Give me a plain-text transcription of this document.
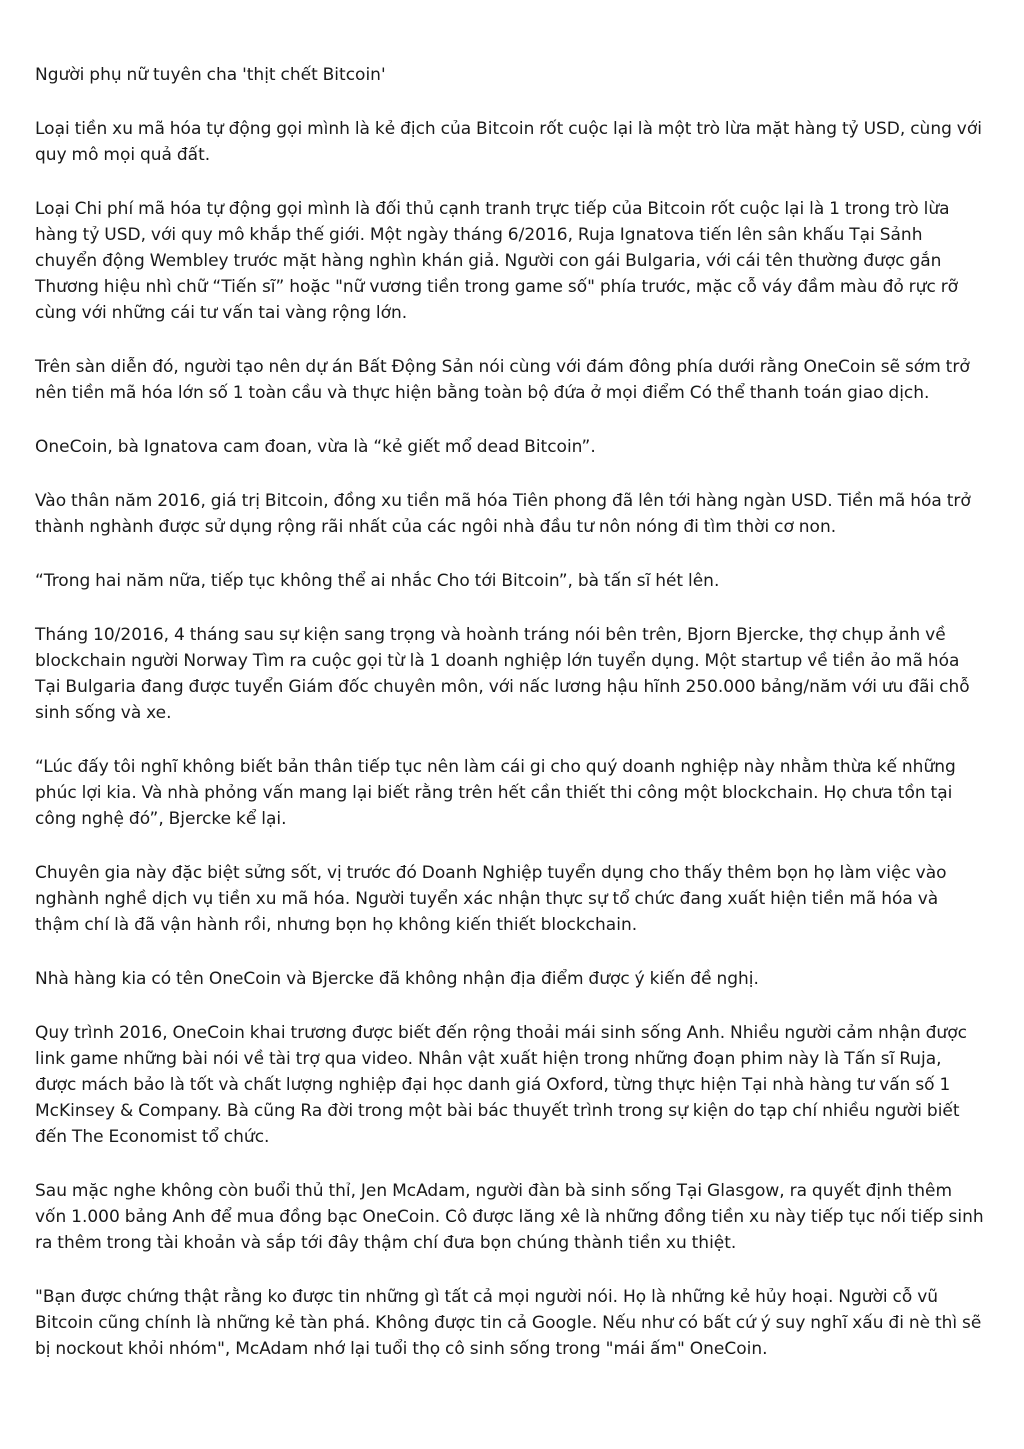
Người phụ nữ tuyên cha 'thịt chết Bitcoin'

Loại tiền xu mã hóa tự động gọi mình là kẻ địch của Bitcoin rốt cuộc lại là một trò lừa mặt hàng tỷ USD, cùng với quy mô mọi quả đất.

Loại Chi phí mã hóa tự động gọi mình là đối thủ cạnh tranh trực tiếp của Bitcoin rốt cuộc lại là 1 trong trò lừa hàng tỷ USD, với quy mô khắp thế giới. Một ngày tháng 6/2016, Ruja Ignatova tiến lên sân khấu Tại Sảnh chuyển động Wembley trước mặt hàng nghìn khán giả. Người con gái Bulgaria, với cái tên thường được gắn Thương hiệu nhì chữ “Tiến sĩ” hoặc "nữ vương tiền trong game số" phía trước, mặc cỗ váy đầm màu đỏ rực rỡ cùng với những cái tư vấn tai vàng rộng lớn.

Trên sàn diễn đó, người tạo nên dự án Bất Động Sản nói cùng với đám đông phía dưới rằng OneCoin sẽ sớm trở nên tiền mã hóa lớn số 1 toàn cầu và thực hiện bằng toàn bộ đứa ở mọi điểm Có thể thanh toán giao dịch.

OneCoin, bà Ignatova cam đoan, vừa là “kẻ giết mổ dead Bitcoin”.

Vào thân năm 2016, giá trị Bitcoin, đồng xu tiền mã hóa Tiên phong đã lên tới hàng ngàn USD. Tiền mã hóa trở thành nghành được sử dụng rộng rãi nhất của các ngôi nhà đầu tư nôn nóng đi tìm thời cơ non.

“Trong hai năm nữa, tiếp tục không thể ai nhắc Cho tới Bitcoin”, bà tấn sĩ hét lên.

Tháng 10/2016, 4 tháng sau sự kiện sang trọng và hoành tráng nói bên trên, Bjorn Bjercke, thợ chụp ảnh về blockchain người Norway Tìm ra cuộc gọi từ là 1 doanh nghiệp lớn tuyển dụng. Một startup về tiền ảo mã hóa Tại Bulgaria đang được tuyển Giám đốc chuyên môn, với nấc lương hậu hĩnh 250.000 bảng/năm với ưu đãi chỗ sinh sống và xe.

“Lúc đấy tôi nghĩ không biết bản thân tiếp tục nên làm cái gi cho quý doanh nghiệp này nhằm thừa kế những phúc lợi kia. Và nhà phỏng vấn mang lại biết rằng trên hết cần thiết thi công một blockchain. Họ chưa tồn tại công nghệ đó”, Bjercke kể lại.

Chuyên gia này đặc biệt sửng sốt, vị trước đó Doanh Nghiệp tuyển dụng cho thấy thêm bọn họ làm việc vào nghành nghề dịch vụ tiền xu mã hóa. Người tuyển xác nhận thực sự tổ chức đang xuất hiện tiền mã hóa và thậm chí là đã vận hành rồi, nhưng bọn họ không kiến thiết blockchain.

Nhà hàng kia có tên OneCoin và Bjercke đã không nhận địa điểm được ý kiến đề nghị.

Quy trình 2016, OneCoin khai trương được biết đến rộng thoải mái sinh sống Anh. Nhiều người cảm nhận được link game những bài nói về tài trợ qua video. Nhân vật xuất hiện trong những đoạn phim này là Tấn sĩ Ruja, được mách bảo là tốt và chất lượng nghiệp đại học danh giá Oxford, từng thực hiện Tại nhà hàng tư vấn số 1 McKinsey & Company. Bà cũng Ra đời trong một bài bác thuyết trình trong sự kiện do tạp chí nhiều người biết đến The Economist tổ chức.

Sau mặc nghe không còn buổi thủ thỉ, Jen McAdam, người đàn bà sinh sống Tại Glasgow, ra quyết định thêm vốn 1.000 bảng Anh để mua đồng bạc OneCoin. Cô được lăng xê là những đồng tiền xu này tiếp tục nối tiếp sinh ra thêm trong tài khoản và sắp tới đây thậm chí đưa bọn chúng thành tiền xu thiệt.

"Bạn được chứng thật rằng ko được tin những gì tất cả mọi người nói. Họ là những kẻ hủy hoại. Người cỗ vũ Bitcoin cũng chính là những kẻ tàn phá. Không được tin cả Google. Nếu như có bất cứ ý suy nghĩ xấu đi nè thì sẽ bị nockout khỏi nhóm", McAdam nhớ lại tuổi thọ cô sinh sống trong "mái ấm" OneCoin.
